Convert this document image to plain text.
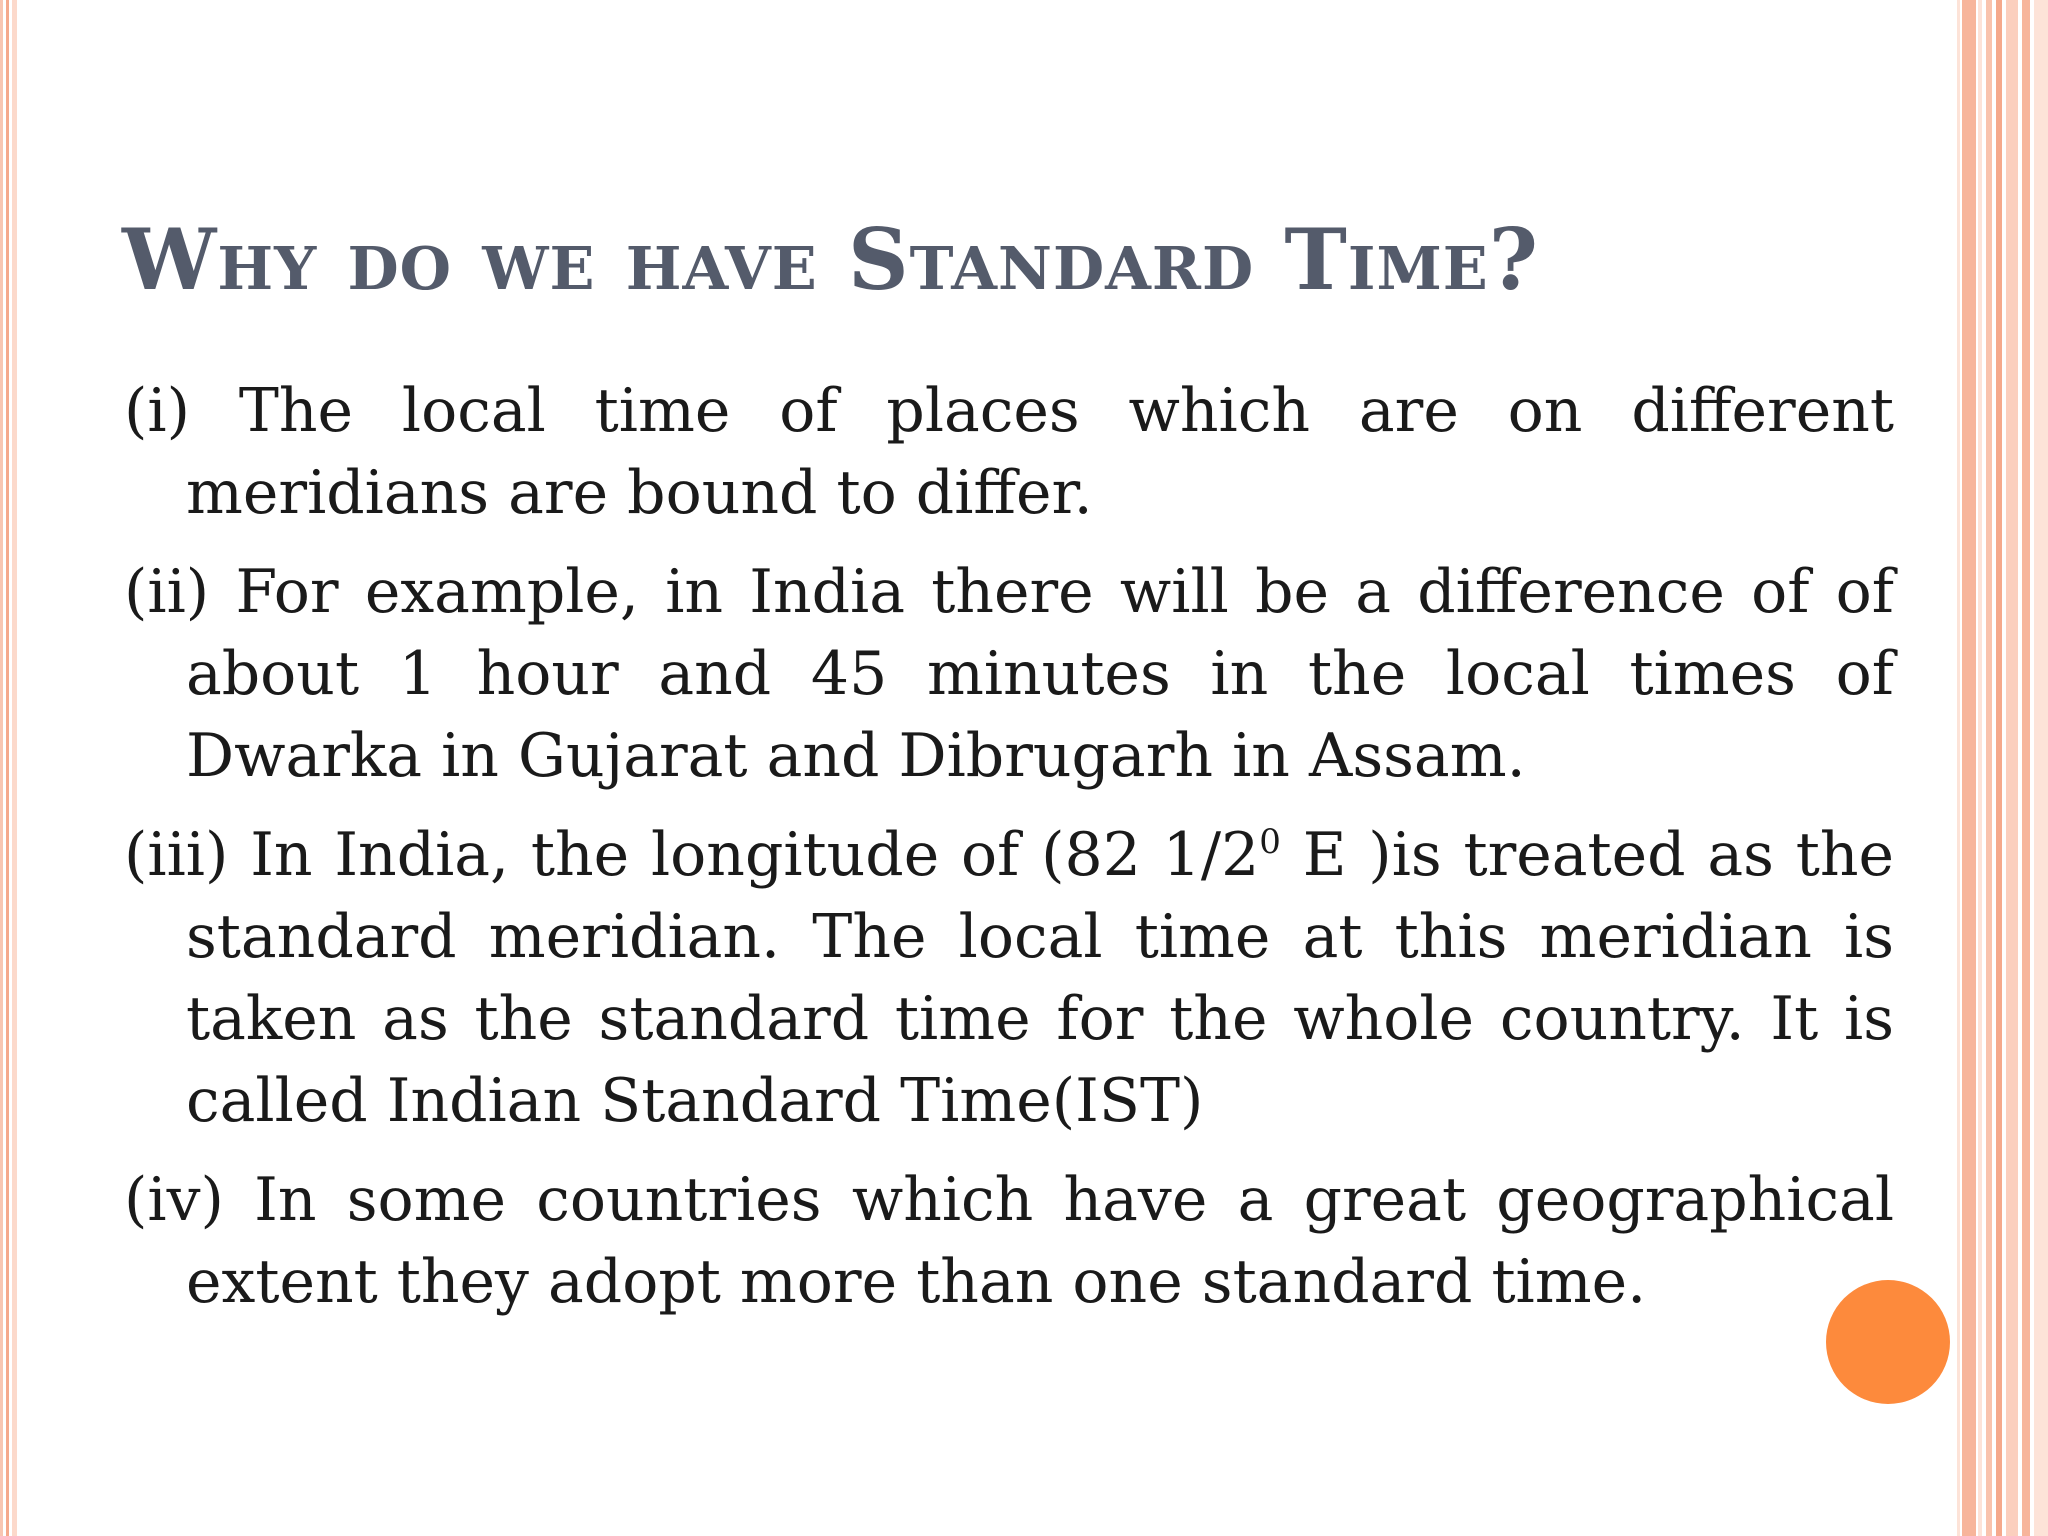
Why do we have Standard Time?
(i) The local time of places which are on different meridians are bound to differ.
(ii) For example, in India there will be a difference of of about 1 hour and 45 minutes in the local times of Dwarka in Gujarat and Dibrugarh in Assam.
(iii) In India, the longitude of (82 $1/2^0$ E )is treated as the standard meridian. The local time at this meridian is taken as the standard time for the whole country. It is called Indian Standard Time(IST)
(iv) In some countries which have a great geographical extent they adopt more than one standard time.
